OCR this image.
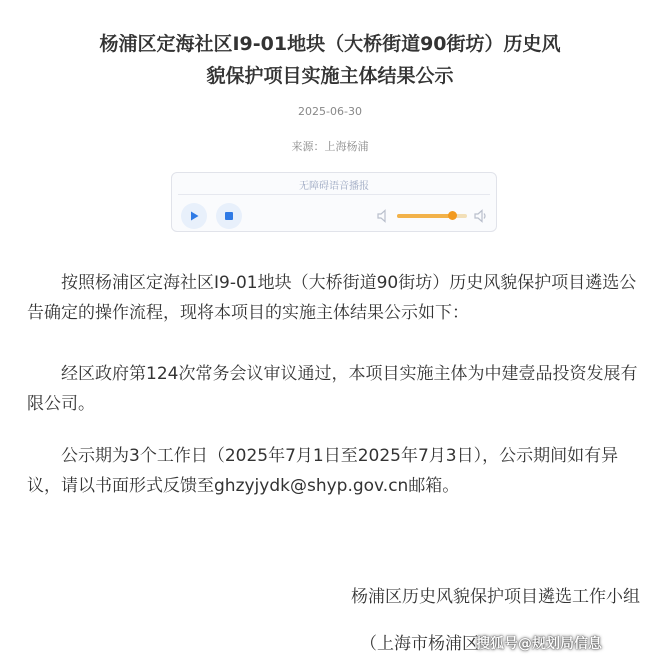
杨浦区定海社区I9-01地块（大桥街道90街坊）历史风
貌保护项目实施主体结果公示
2025-06-30
来源：上海杨浦
无障碍语音播报

按照杨浦区定海社区I9-01地块（大桥街道90街坊）历史风貌保护项目遴选公告确定的操作流程，现将本项目的实施主体结果公示如下：

经区政府第124次常务会议审议通过，本项目实施主体为中建壹品投资发展有限公司。

公示期为3个工作日（2025年7月1日至2025年7月3日），公示期间如有异议，请以书面形式反馈至ghzyjydk@shyp.gov.cn邮箱。

杨浦区历史风貌保护项目遴选工作小组
（上海市杨浦区
搜狐号@规划局信息
